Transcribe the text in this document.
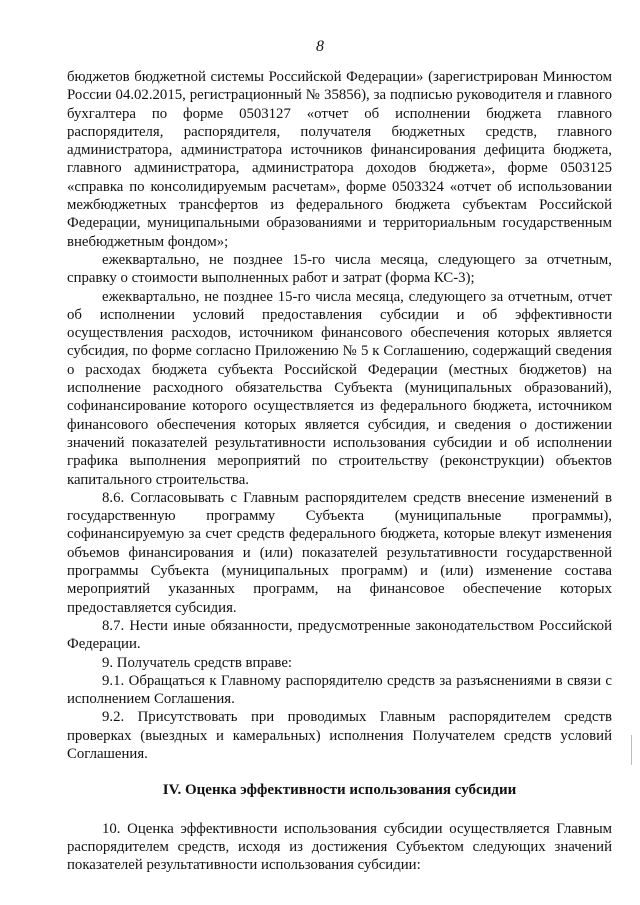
8

бюджетов бюджетной системы Российской Федерации» (зарегистрирован Минюстом России 04.02.2015, регистрационный № 35856), за подписью руководителя и главного бухгалтера по форме 0503127 «отчет об исполнении бюджета главного распорядителя, распорядителя, получателя бюджетных средств, главного администратора, администратора источников финансирования дефицита бюджета, главного администратора, администратора доходов бюджета», форме 0503125 «справка по консолидируемым расчетам», форме 0503324 «отчет об использовании межбюджетных трансфертов из федерального бюджета субъектам Российской Федерации, муниципальными образованиями и территориальным государственным внебюджетным фондом»;

ежеквартально, не позднее 15-го числа месяца, следующего за отчетным, справку о стоимости выполненных работ и затрат (форма КС-3);

ежеквартально, не позднее 15-го числа месяца, следующего за отчетным, отчет об исполнении условий предоставления субсидии и об эффективности осуществления расходов, источником финансового обеспечения которых является субсидия, по форме согласно Приложению № 5 к Соглашению, содержащий сведения о расходах бюджета субъекта Российской Федерации (местных бюджетов) на исполнение расходного обязательства Субъекта (муниципальных образований), софинансирование которого осуществляется из федерального бюджета, источником финансового обеспечения которых является субсидия, и сведения о достижении значений показателей результативности использования субсидии и об исполнении графика выполнения мероприятий по строительству (реконструкции) объектов капитального строительства.

8.6. Согласовывать с Главным распорядителем средств внесение изменений в государственную программу Субъекта (муниципальные программы), софинансируемую за счет средств федерального бюджета, которые влекут изменения объемов финансирования и (или) показателей результативности государственной программы Субъекта (муниципальных программ) и (или) изменение состава мероприятий указанных программ, на финансовое обеспечение которых предоставляется субсидия.

8.7. Нести иные обязанности, предусмотренные законодательством Российской Федерации.

9. Получатель средств вправе:

9.1. Обращаться к Главному распорядителю средств за разъяснениями в связи с исполнением Соглашения.

9.2. Присутствовать при проводимых Главным распорядителем средств проверках (выездных и камеральных) исполнения Получателем средств условий Соглашения.

IV. Оценка эффективности использования субсидии

10. Оценка эффективности использования субсидии осуществляется Главным распорядителем средств, исходя из достижения Субъектом следующих значений показателей результативности использования субсидии:
